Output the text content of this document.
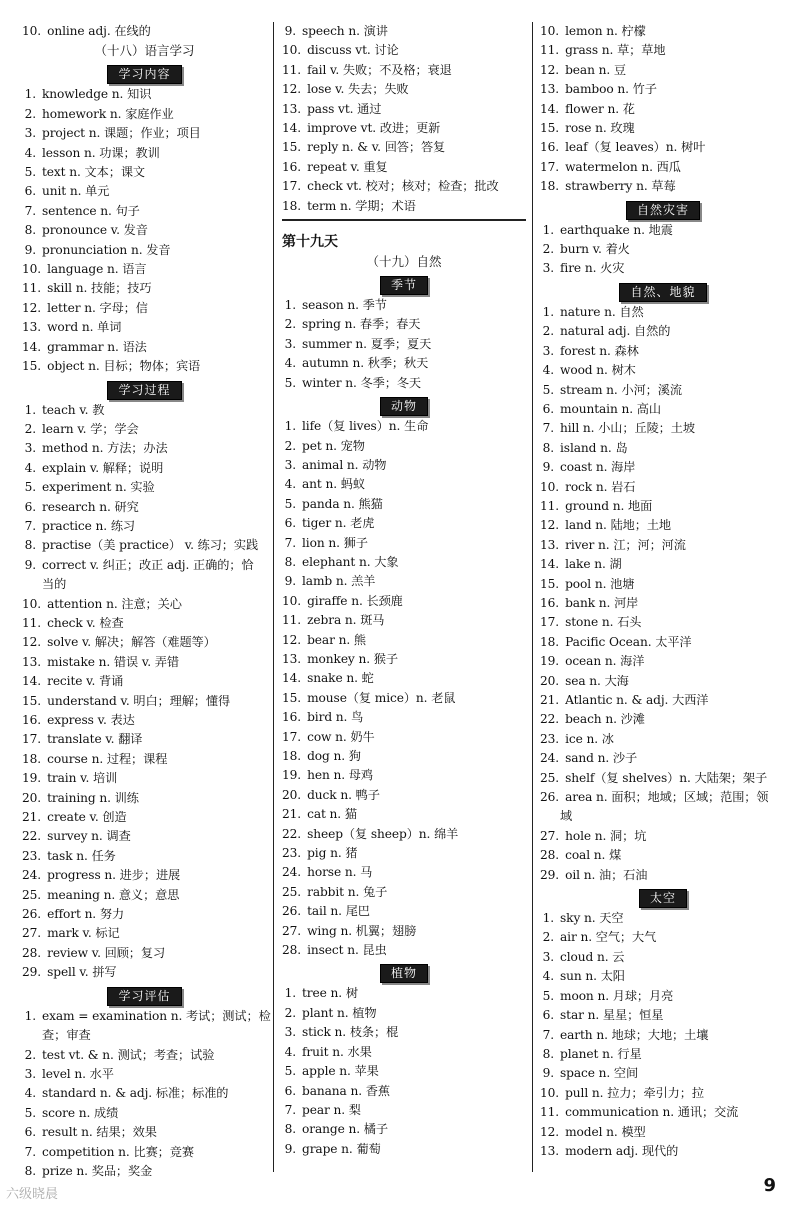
10. online adj. 在线的
（十八）语言学习
学习内容
1. knowledge n. 知识
2. homework n. 家庭作业
3. project n. 课题；作业；项目
4. lesson n. 功课；教训
5. text n. 文本；课文
6. unit n. 单元
7. sentence n. 句子
8. pronounce v. 发音
9. pronunciation n. 发音
10. language n. 语言
11. skill n. 技能；技巧
12. letter n. 字母；信
13. word n. 单词
14. grammar n. 语法
15. object n. 目标；物体；宾语
学习过程
1. teach v. 教
2. learn v. 学；学会
3. method n. 方法；办法
4. explain v. 解释；说明
5. experiment n. 实验
6. research n. 研究
7. practice n. 练习
8. practise（美 practice） v. 练习；实践
9. correct v. 纠正；改正 adj. 正确的；恰
当的
10. attention n. 注意；关心
11. check v. 检查
12. solve v. 解决；解答（难题等）
13. mistake n. 错误 v. 弄错
14. recite v. 背诵
15. understand v. 明白；理解；懂得
16. express v. 表达
17. translate v. 翻译
18. course n. 过程；课程
19. train v. 培训
20. training n. 训练
21. create v. 创造
22. survey n. 调查
23. task n. 任务
24. progress n. 进步；进展
25. meaning n. 意义；意思
26. effort n. 努力
27. mark v. 标记
28. review v. 回顾；复习
29. spell v. 拼写
学习评估
1. exam = examination n. 考试；测试；检
查；审查
2. test vt. & n. 测试；考查；试验
3. level n. 水平
4. standard n. & adj. 标准；标准的
5. score n. 成绩
6. result n. 结果；效果
7. competition n. 比赛；竞赛
8. prize n. 奖品；奖金
9. speech n. 演讲
10. discuss vt. 讨论
11. fail v. 失败；不及格；衰退
12. lose v. 失去；失败
13. pass vt. 通过
14. improve vt. 改进；更新
15. reply n. & v. 回答；答复
16. repeat v. 重复
17. check vt. 校对；核对；检查；批改
18. term n. 学期；术语
第十九天
（十九）自然
季节
1. season n. 季节
2. spring n. 春季；春天
3. summer n. 夏季；夏天
4. autumn n. 秋季；秋天
5. winter n. 冬季；冬天
动物
1. life（复 lives）n. 生命
2. pet n. 宠物
3. animal n. 动物
4. ant n. 蚂蚁
5. panda n. 熊猫
6. tiger n. 老虎
7. lion n. 狮子
8. elephant n. 大象
9. lamb n. 羔羊
10. giraffe n. 长颈鹿
11. zebra n. 斑马
12. bear n. 熊
13. monkey n. 猴子
14. snake n. 蛇
15. mouse（复 mice）n. 老鼠
16. bird n. 鸟
17. cow n. 奶牛
18. dog n. 狗
19. hen n. 母鸡
20. duck n. 鸭子
21. cat n. 猫
22. sheep（复 sheep）n. 绵羊
23. pig n. 猪
24. horse n. 马
25. rabbit n. 兔子
26. tail n. 尾巴
27. wing n. 机翼；翅膀
28. insect n. 昆虫
植物
1. tree n. 树
2. plant n. 植物
3. stick n. 枝条；棍
4. fruit n. 水果
5. apple n. 苹果
6. banana n. 香蕉
7. pear n. 梨
8. orange n. 橘子
9. grape n. 葡萄
10. lemon n. 柠檬
11. grass n. 草；草地
12. bean n. 豆
13. bamboo n. 竹子
14. flower n. 花
15. rose n. 玫瑰
16. leaf（复 leaves）n. 树叶
17. watermelon n. 西瓜
18. strawberry n. 草莓
自然灾害
1. earthquake n. 地震
2. burn v. 着火
3. fire n. 火灾
自然、地貌
1. nature n. 自然
2. natural adj. 自然的
3. forest n. 森林
4. wood n. 树木
5. stream n. 小河；溪流
6. mountain n. 高山
7. hill n. 小山；丘陵；土坡
8. island n. 岛
9. coast n. 海岸
10. rock n. 岩石
11. ground n. 地面
12. land n. 陆地；土地
13. river n. 江；河；河流
14. lake n. 湖
15. pool n. 池塘
16. bank n. 河岸
17. stone n. 石头
18. Pacific Ocean. 太平洋
19. ocean n. 海洋
20. sea n. 大海
21. Atlantic n. & adj. 大西洋
22. beach n. 沙滩
23. ice n. 冰
24. sand n. 沙子
25. shelf（复 shelves）n. 大陆架；架子
26. area n. 面积；地域；区域；范围；领
域
27. hole n. 洞；坑
28. coal n. 煤
29. oil n. 油；石油
太空
1. sky n. 天空
2. air n. 空气；大气
3. cloud n. 云
4. sun n. 太阳
5. moon n. 月球；月亮
6. star n. 星星；恒星
7. earth n. 地球；大地；土壤
8. planet n. 行星
9. space n. 空间
10. pull n. 拉力；牵引力；拉
11. communication n. 通讯；交流
12. model n. 模型
13. modern adj. 现代的
9
六级晓晨
